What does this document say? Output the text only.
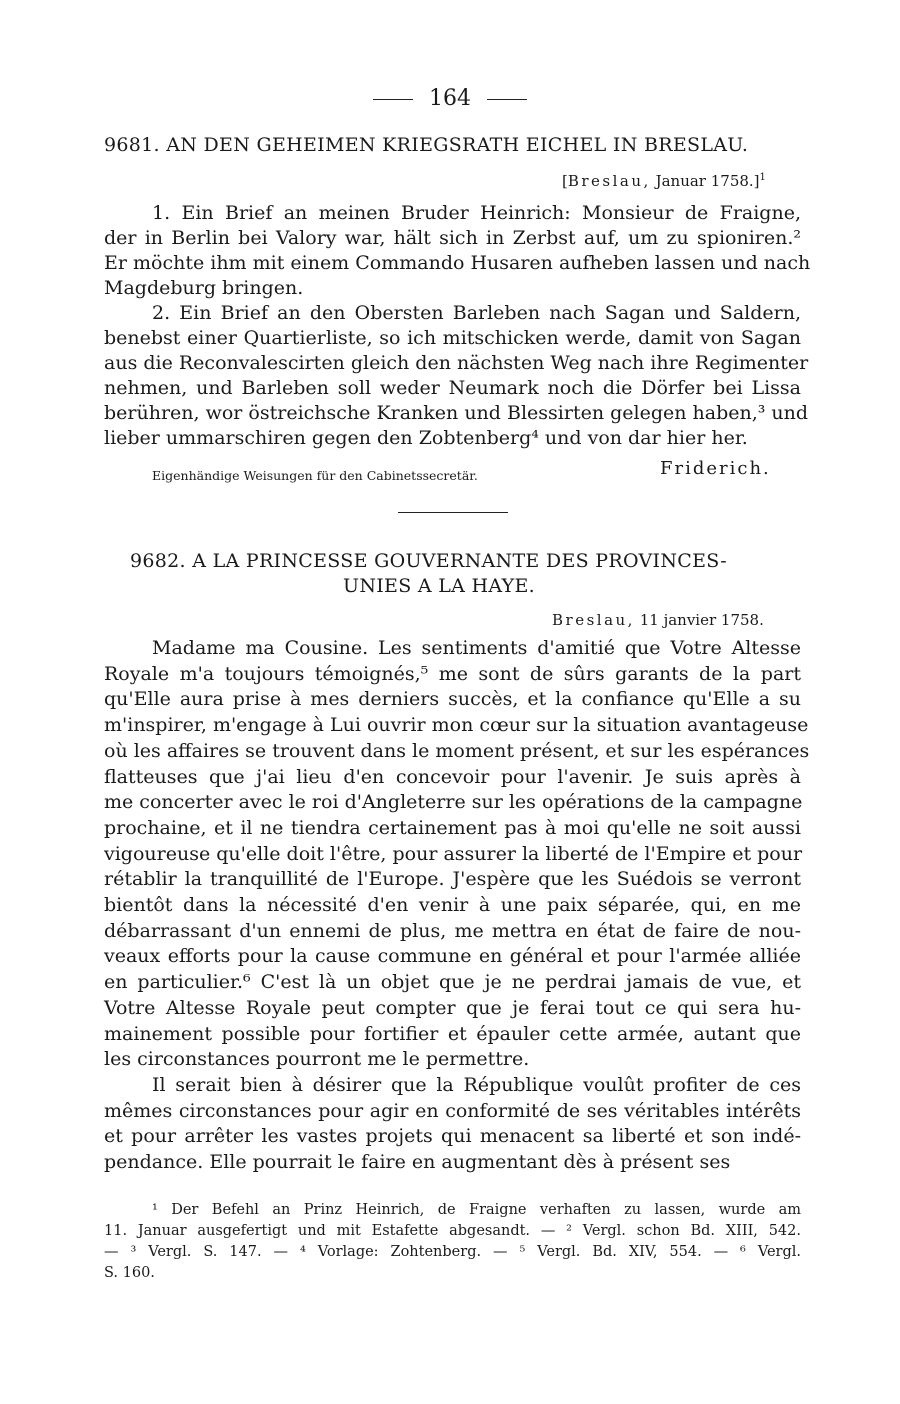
164
9681. AN DEN GEHEIMEN KRIEGSRATH EICHEL IN BRESLAU.
[Breslau, Januar 1758.]$^1$
1. Ein Brief an meinen Bruder Heinrich: Monsieur de Fraigne,
der in Berlin bei Valory war, hält sich in Zerbst auf, um zu spioniren.²
Er möchte ihm mit einem Commando Husaren aufheben lassen und nach
Magdeburg bringen.
2. Ein Brief an den Obersten Barleben nach Sagan und Saldern,
benebst einer Quartierliste, so ich mitschicken werde, damit von Sagan
aus die Reconvalescirten gleich den nächsten Weg nach ihre Regimenter
nehmen, und Barleben soll weder Neumark noch die Dörfer bei Lissa
berühren, wor östreichsche Kranken und Blessirten gelegen haben,³ und
lieber ummarschiren gegen den Zobtenberg⁴ und von dar hier her.
Eigenhändige Weisungen für den Cabinetssecretär.	Friderich.
9682. A LA PRINCESSE GOUVERNANTE DES PROVINCES-
UNIES A LA HAYE.
Breslau, 11 janvier 1758.
Madame ma Cousine. Les sentiments d'amitié que Votre Altesse
Royale m'a toujours témoignés,⁵ me sont de sûrs garants de la part
qu'Elle aura prise à mes derniers succès, et la confiance qu'Elle a su
m'inspirer, m'engage à Lui ouvrir mon cœur sur la situation avantageuse
où les affaires se trouvent dans le moment présent, et sur les espérances
flatteuses que j'ai lieu d'en concevoir pour l'avenir. Je suis après à
me concerter avec le roi d'Angleterre sur les opérations de la campagne
prochaine, et il ne tiendra certainement pas à moi qu'elle ne soit aussi
vigoureuse qu'elle doit l'être, pour assurer la liberté de l'Empire et pour
rétablir la tranquillité de l'Europe. J'espère que les Suédois se verront
bientôt dans la nécessité d'en venir à une paix séparée, qui, en me
débarrassant d'un ennemi de plus, me mettra en état de faire de nou-
veaux efforts pour la cause commune en général et pour l'armée alliée
en particulier.⁶ C'est là un objet que je ne perdrai jamais de vue, et
Votre Altesse Royale peut compter que je ferai tout ce qui sera hu-
mainement possible pour fortifier et épauler cette armée, autant que
les circonstances pourront me le permettre.
Il serait bien à désirer que la République voulût profiter de ces
mêmes circonstances pour agir en conformité de ses véritables intérêts
et pour arrêter les vastes projets qui menacent sa liberté et son indé-
pendance. Elle pourrait le faire en augmentant dès à présent ses
¹ Der Befehl an Prinz Heinrich, de Fraigne verhaften zu lassen, wurde am
11. Januar ausgefertigt und mit Estafette abgesandt. — ² Vergl. schon Bd. XIII, 542.
— ³ Vergl. S. 147. — ⁴ Vorlage: Zohtenberg. — ⁵ Vergl. Bd. XIV, 554. — ⁶ Vergl.
S. 160.
